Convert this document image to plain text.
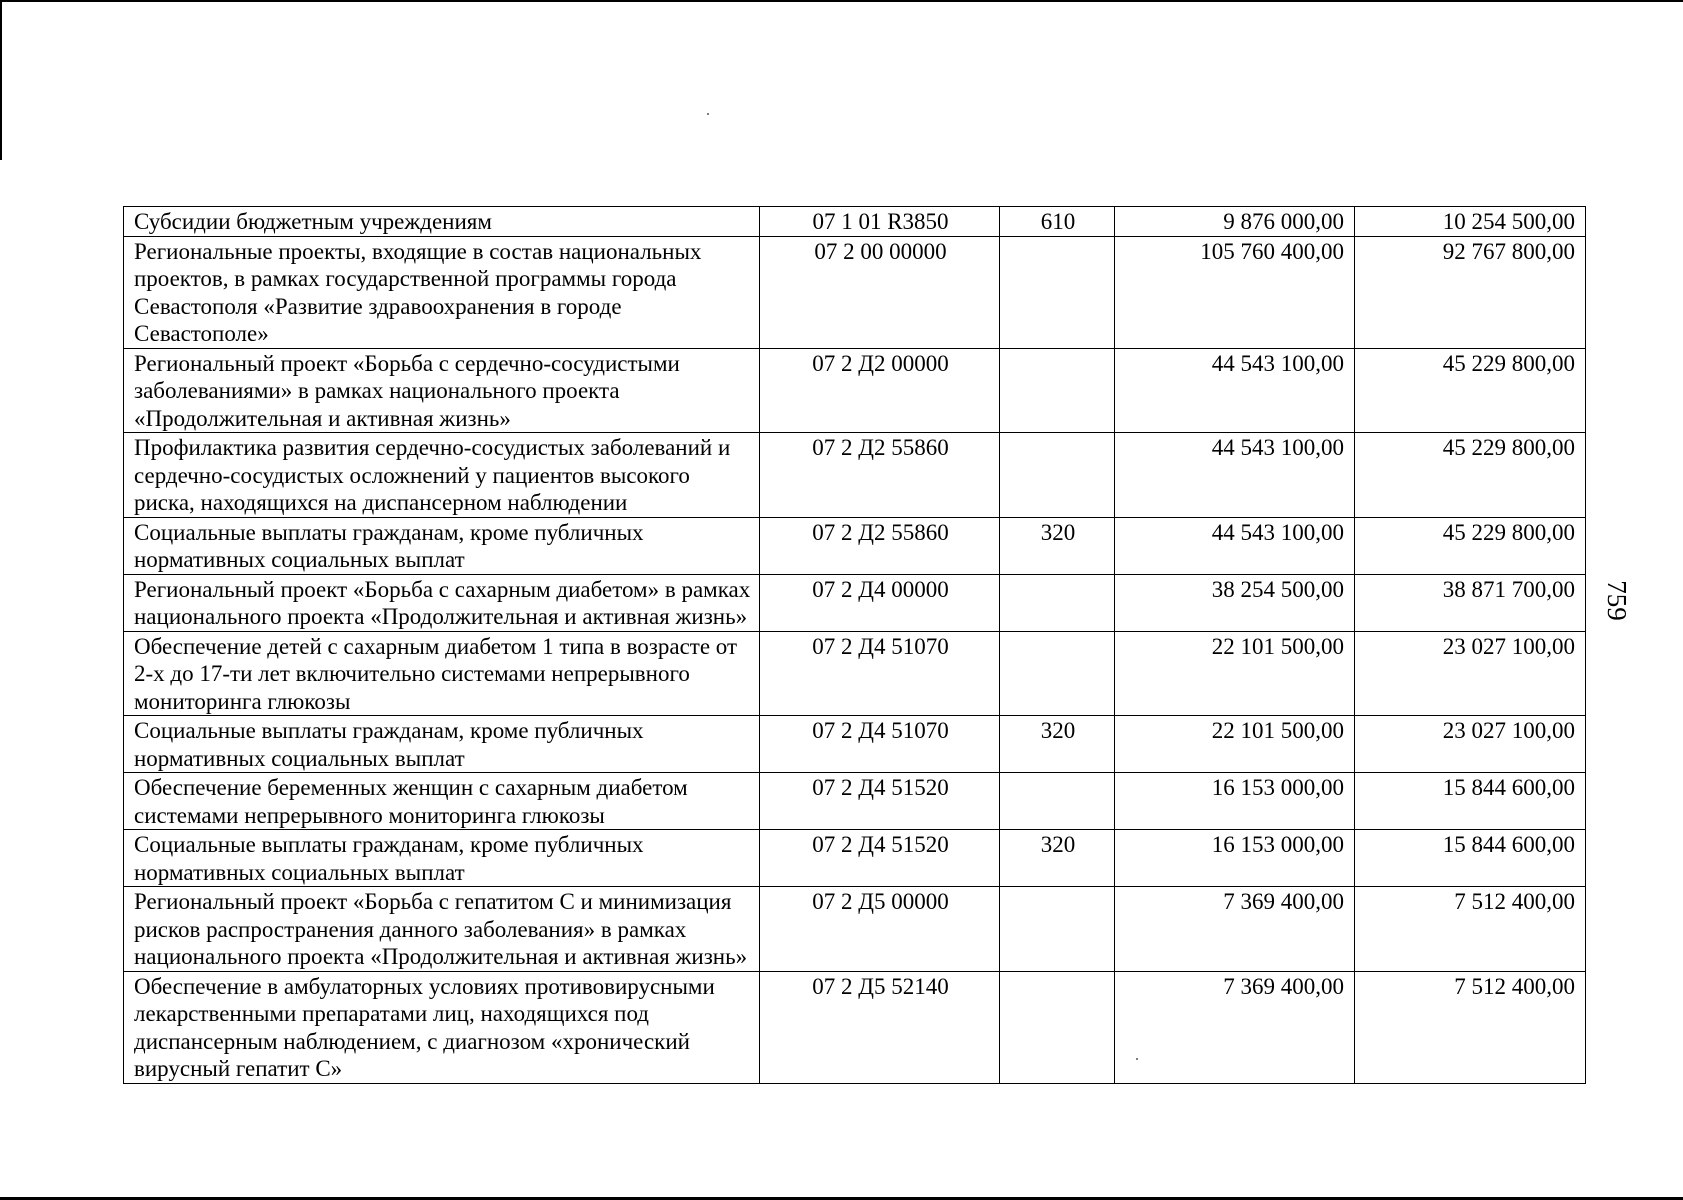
Субсидии бюджетным учреждениям	07 1 01 R3850	610	9 876 000,00	10 254 500,00
Региональные проекты, входящие в состав национальных проектов, в рамках государственной программы города Севастополя «Развитие здравоохранения в городе Севастополе»	07 2 00 00000		105 760 400,00	92 767 800,00
Региональный проект «Борьба с сердечно-сосудистыми заболеваниями» в рамках национального проекта «Продолжительная и активная жизнь»	07 2 Д2 00000		44 543 100,00	45 229 800,00
Профилактика развития сердечно-сосудистых заболеваний и сердечно-сосудистых осложнений у пациентов высокого риска, находящихся на диспансерном наблюдении	07 2 Д2 55860		44 543 100,00	45 229 800,00
Социальные выплаты гражданам, кроме публичных нормативных социальных выплат	07 2 Д2 55860	320	44 543 100,00	45 229 800,00
Региональный проект «Борьба с сахарным диабетом» в рамках национального проекта «Продолжительная и активная жизнь»	07 2 Д4 00000		38 254 500,00	38 871 700,00
Обеспечение детей с сахарным диабетом 1 типа в возрасте от 2-х до 17-ти лет включительно системами непрерывного мониторинга глюкозы	07 2 Д4 51070		22 101 500,00	23 027 100,00
Социальные выплаты гражданам, кроме публичных нормативных социальных выплат	07 2 Д4 51070	320	22 101 500,00	23 027 100,00
Обеспечение беременных женщин с сахарным диабетом системами непрерывного мониторинга глюкозы	07 2 Д4 51520		16 153 000,00	15 844 600,00
Социальные выплаты гражданам, кроме публичных нормативных социальных выплат	07 2 Д4 51520	320	16 153 000,00	15 844 600,00
Региональный проект «Борьба с гепатитом С и минимизация рисков распространения данного заболевания» в рамках национального проекта «Продолжительная и активная жизнь»	07 2 Д5 00000		7 369 400,00	7 512 400,00
Обеспечение в амбулаторных условиях противовирусными лекарственными препаратами лиц, находящихся под диспансерным наблюдением, с диагнозом «хронический вирусный гепатит С»	07 2 Д5 52140		7 369 400,00	7 512 400,00
759
